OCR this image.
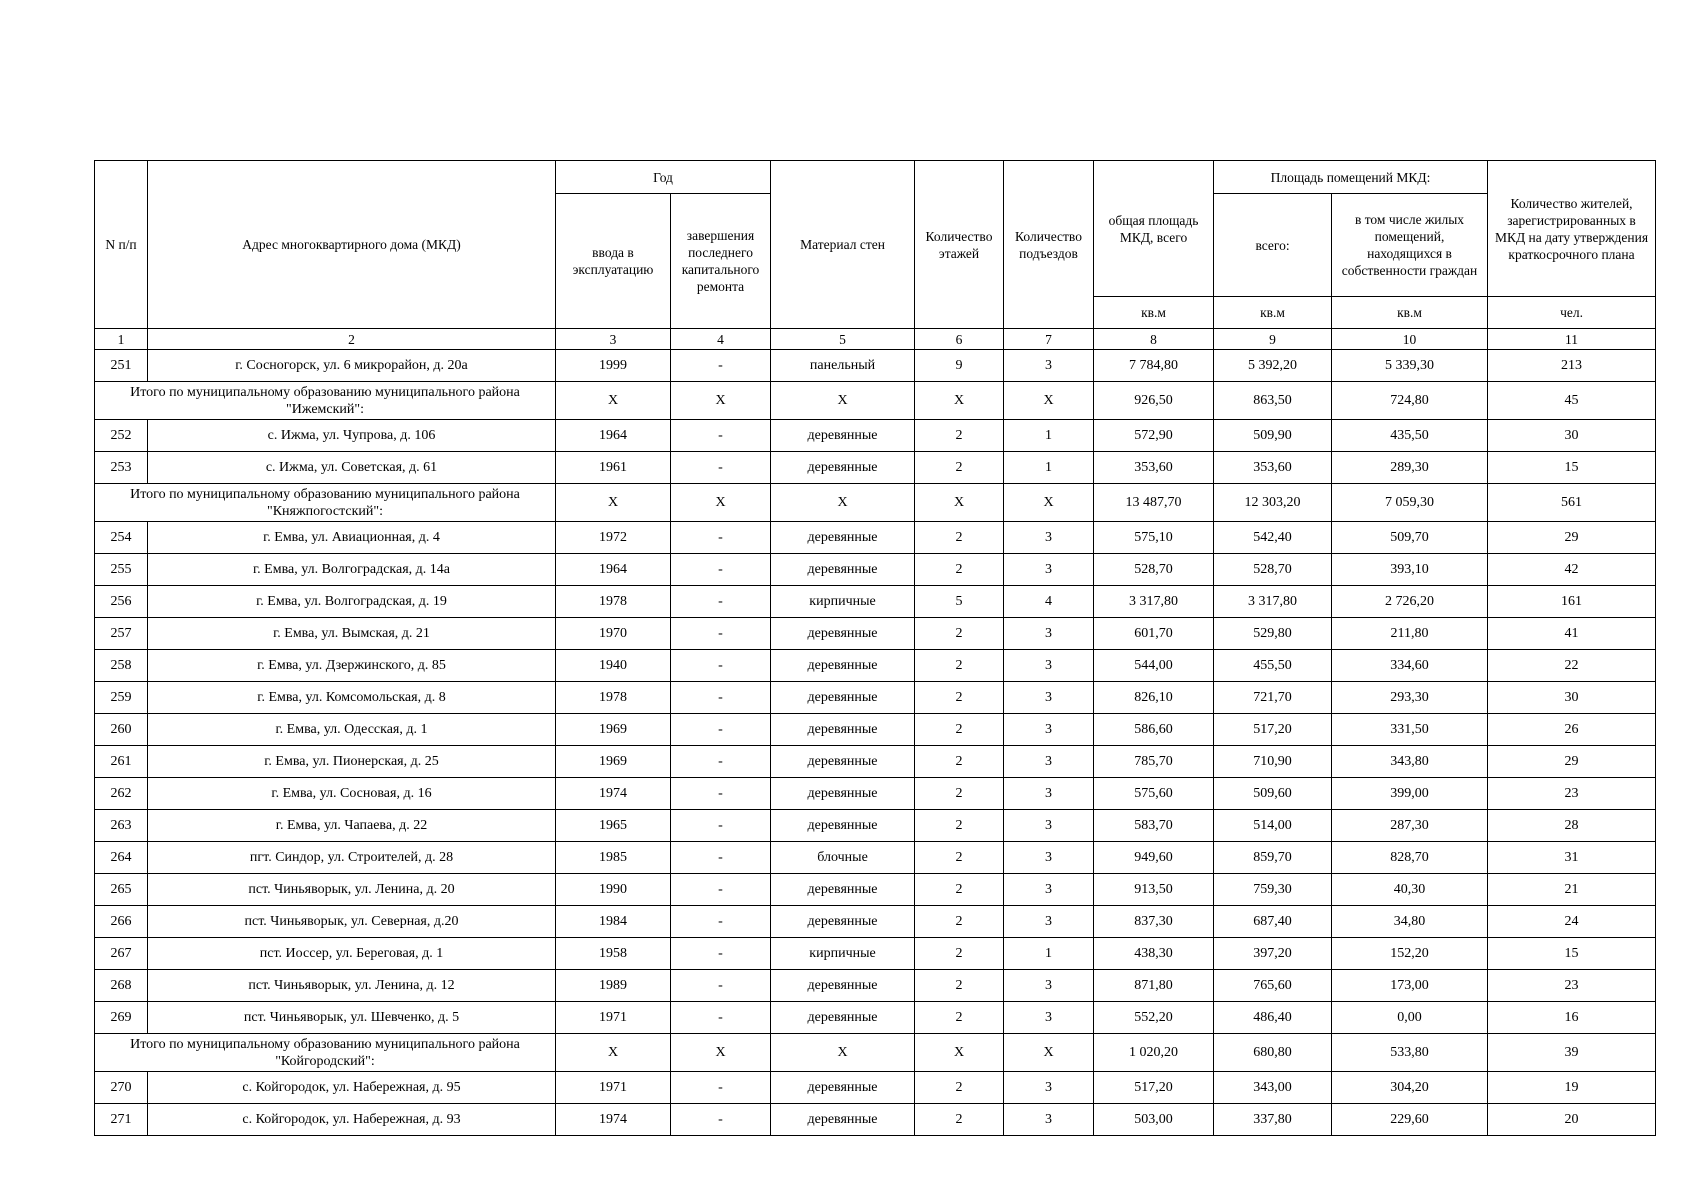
N п/п	Адрес многоквартирного дома (МКД)	Год		Материал стен	Количество этажей	Количество подъездов	общая площадь МКД, всего	Площадь помещений МКД:		Количество жителей, зарегистрированных в МКД на дату утверждения краткосрочного плана
		ввода в эксплуатацию	завершения последнего капитального ремонта					всего:	в том числе жилых помещений, находящихся в собственности граждан	
							кв.м	кв.м	кв.м	чел.
1	2	3	4	5	6	7	8	9	10	11
251	г. Сосногорск, ул. 6 микрорайон, д. 20а	1999	-	панельный	9	3	7 784,80	5 392,20	5 339,30	213
Итого по муниципальному образованию муниципального района "Ижемский":		X	X	X	X	X	926,50	863,50	724,80	45
252	с. Ижма, ул. Чупрова, д. 106	1964	-	деревянные	2	1	572,90	509,90	435,50	30
253	с. Ижма, ул. Советская, д. 61	1961	-	деревянные	2	1	353,60	353,60	289,30	15
Итого по муниципальному образованию муниципального района "Княжпогостский":		X	X	X	X	X	13 487,70	12 303,20	7 059,30	561
254	г. Емва, ул. Авиационная, д. 4	1972	-	деревянные	2	3	575,10	542,40	509,70	29
255	г. Емва, ул. Волгоградская, д. 14а	1964	-	деревянные	2	3	528,70	528,70	393,10	42
256	г. Емва, ул. Волгоградская, д. 19	1978	-	кирпичные	5	4	3 317,80	3 317,80	2 726,20	161
257	г. Емва, ул. Вымская, д. 21	1970	-	деревянные	2	3	601,70	529,80	211,80	41
258	г. Емва, ул. Дзержинского, д. 85	1940	-	деревянные	2	3	544,00	455,50	334,60	22
259	г. Емва, ул. Комсомольская, д. 8	1978	-	деревянные	2	3	826,10	721,70	293,30	30
260	г. Емва, ул. Одесская, д. 1	1969	-	деревянные	2	3	586,60	517,20	331,50	26
261	г. Емва, ул. Пионерская, д. 25	1969	-	деревянные	2	3	785,70	710,90	343,80	29
262	г. Емва, ул. Сосновая, д. 16	1974	-	деревянные	2	3	575,60	509,60	399,00	23
263	г. Емва, ул. Чапаева, д. 22	1965	-	деревянные	2	3	583,70	514,00	287,30	28
264	пгт. Синдор, ул. Строителей, д. 28	1985	-	блочные	2	3	949,60	859,70	828,70	31
265	пст. Чиньяворык, ул. Ленина, д. 20	1990	-	деревянные	2	3	913,50	759,30	40,30	21
266	пст. Чиньяворык, ул. Северная, д.20	1984	-	деревянные	2	3	837,30	687,40	34,80	24
267	пст. Иоссер, ул. Береговая, д. 1	1958	-	кирпичные	2	1	438,30	397,20	152,20	15
268	пст. Чиньяворык, ул. Ленина, д. 12	1989	-	деревянные	2	3	871,80	765,60	173,00	23
269	пст. Чиньяворык, ул. Шевченко, д. 5	1971	-	деревянные	2	3	552,20	486,40	0,00	16
Итого по муниципальному образованию муниципального района "Койгородский":		X	X	X	X	X	1 020,20	680,80	533,80	39
270	с. Койгородок, ул. Набережная, д. 95	1971	-	деревянные	2	3	517,20	343,00	304,20	19
271	с. Койгородок, ул. Набережная, д. 93	1974	-	деревянные	2	3	503,00	337,80	229,60	20
